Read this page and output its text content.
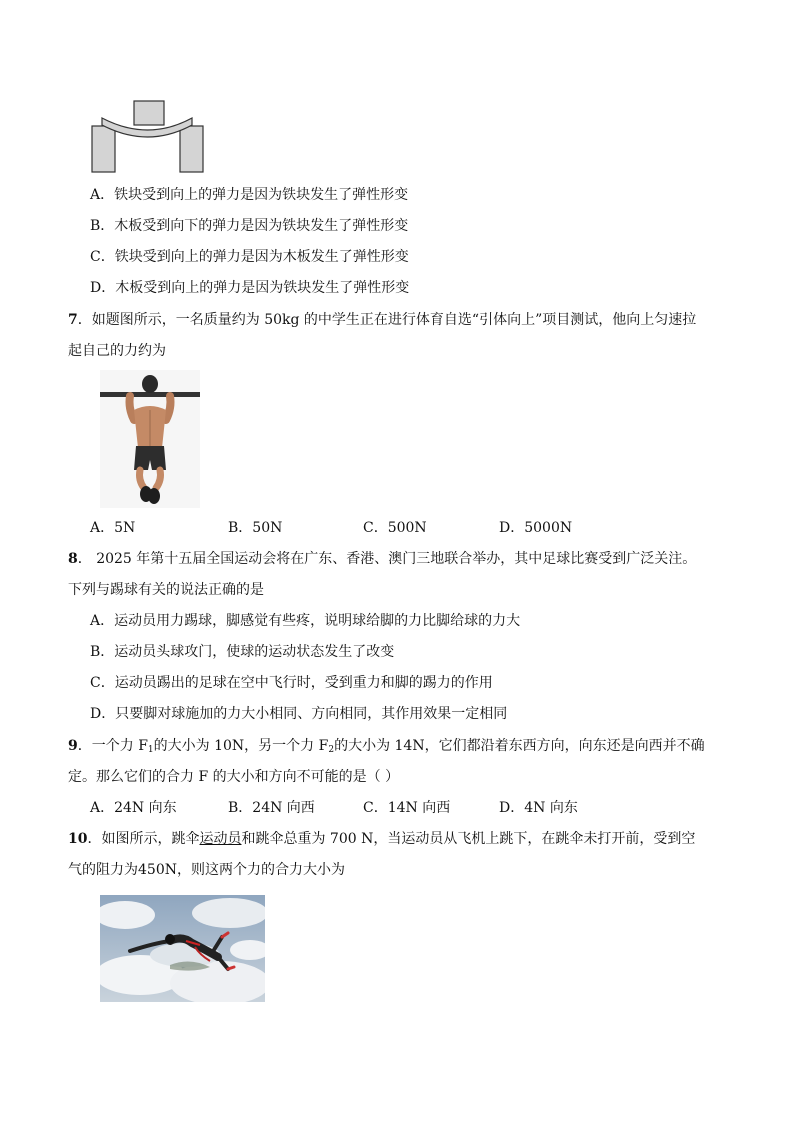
A．铁块受到向上的弹力是因为铁块发生了弹性形变
B．木板受到向下的弹力是因为铁块发生了弹性形变
C．铁块受到向上的弹力是因为木板发生了弹性形变
D．木板受到向上的弹力是因为铁块发生了弹性形变
7．如题图所示，一名质量约为 50kg 的中学生正在进行体育自选“引体向上”项目测试，他向上匀速拉
起自己的力约为
A．5N	B．50N	C．500N	D．5000N
8． 2025 年第十五届全国运动会将在广东、香港、澳门三地联合举办，其中足球比赛受到广泛关注。
下列与踢球有关的说法正确的是
A．运动员用力踢球，脚感觉有些疼，说明球给脚的力比脚给球的力大
B．运动员头球攻门，使球的运动状态发生了改变
C．运动员踢出的足球在空中飞行时，受到重力和脚的踢力的作用
D．只要脚对球施加的力大小相同、方向相同，其作用效果一定相同
9．一个力 $F_1$的大小为 10N，另一个力 $F_2$的大小为 14N，它们都沿着东西方向，向东还是向西并不确
定。那么它们的合力 F 的大小和方向不可能的是（ ）
A．24N 向东	B．24N 向西	C．14N 向西	D．4N 向东
10．如图所示，跳伞运动员和跳伞总重为 700 N，当运动员从飞机上跳下，在跳伞未打开前，受到空
气的阻力为450N，则这两个力的合力大小为
